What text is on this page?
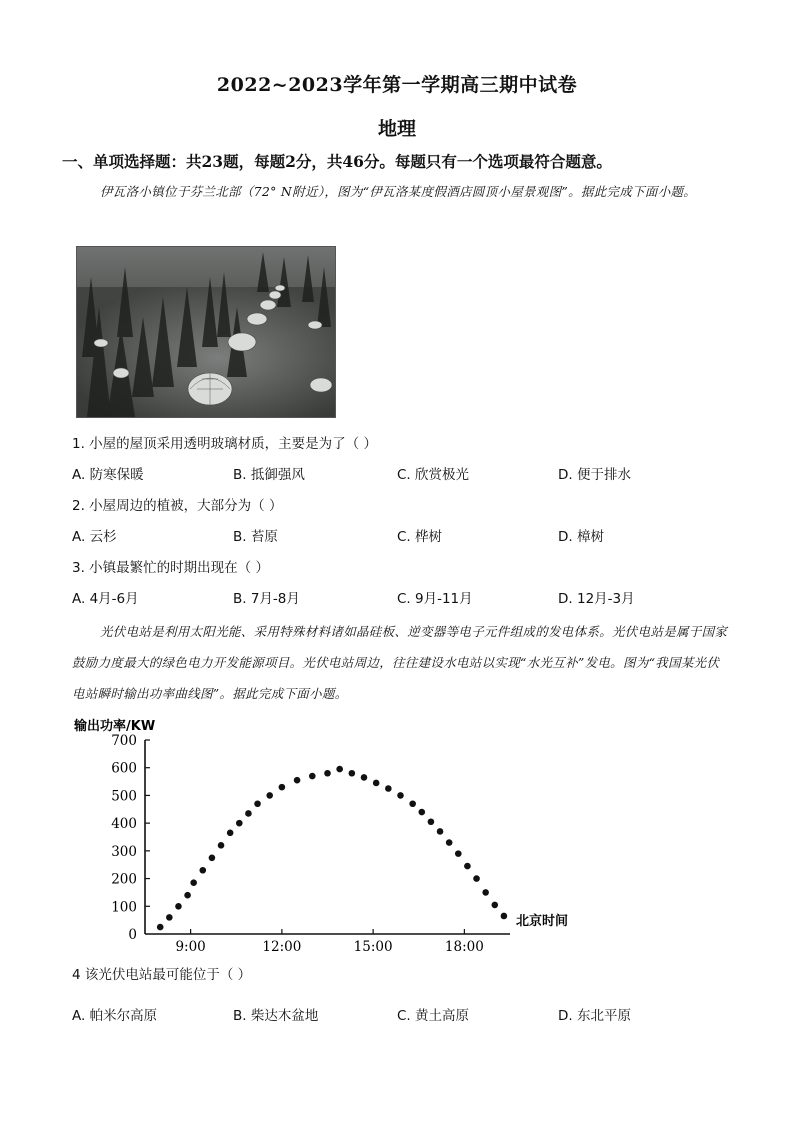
2022~2023学年第一学期高三期中试卷
地理
一、单项选择题：共23题，每题2分，共46分。每题只有一个选项最符合题意。
伊瓦洛小镇位于芬兰北部（72° N附近），图为“伊瓦洛某度假酒店圆顶小屋景观图”。据此完成下面小题。
1. 小屋的屋顶采用透明玻璃材质，主要是为了（ ）
A. 防寒保暖	B. 抵御强风	C. 欣赏极光	D. 便于排水
2. 小屋周边的植被，大部分为（ ）
A. 云杉	B. 苔原	C. 桦树	D. 樟树
3. 小镇最繁忙的时期出现在（ ）
A. 4月-6月	B. 7月-8月	C. 9月-11月	D. 12月-3月
光伏电站是利用太阳光能、采用特殊材料诸如晶硅板、逆变器等电子元件组成的发电体系。光伏电站是属于国家鼓励力度最大的绿色电力开发能源项目。光伏电站周边，往往建设水电站以实现“水光互补”发电。图为“我国某光伏电站瞬时输出功率曲线图”。据此完成下面小题。
输出功率/KW
北京时间
0
100
200
300
400
500
600
700
9:00	12:00	15:00	18:00
4 该光伏电站最可能位于（ ）
A. 帕米尔高原	B. 柴达木盆地	C. 黄土高原	D. 东北平原
